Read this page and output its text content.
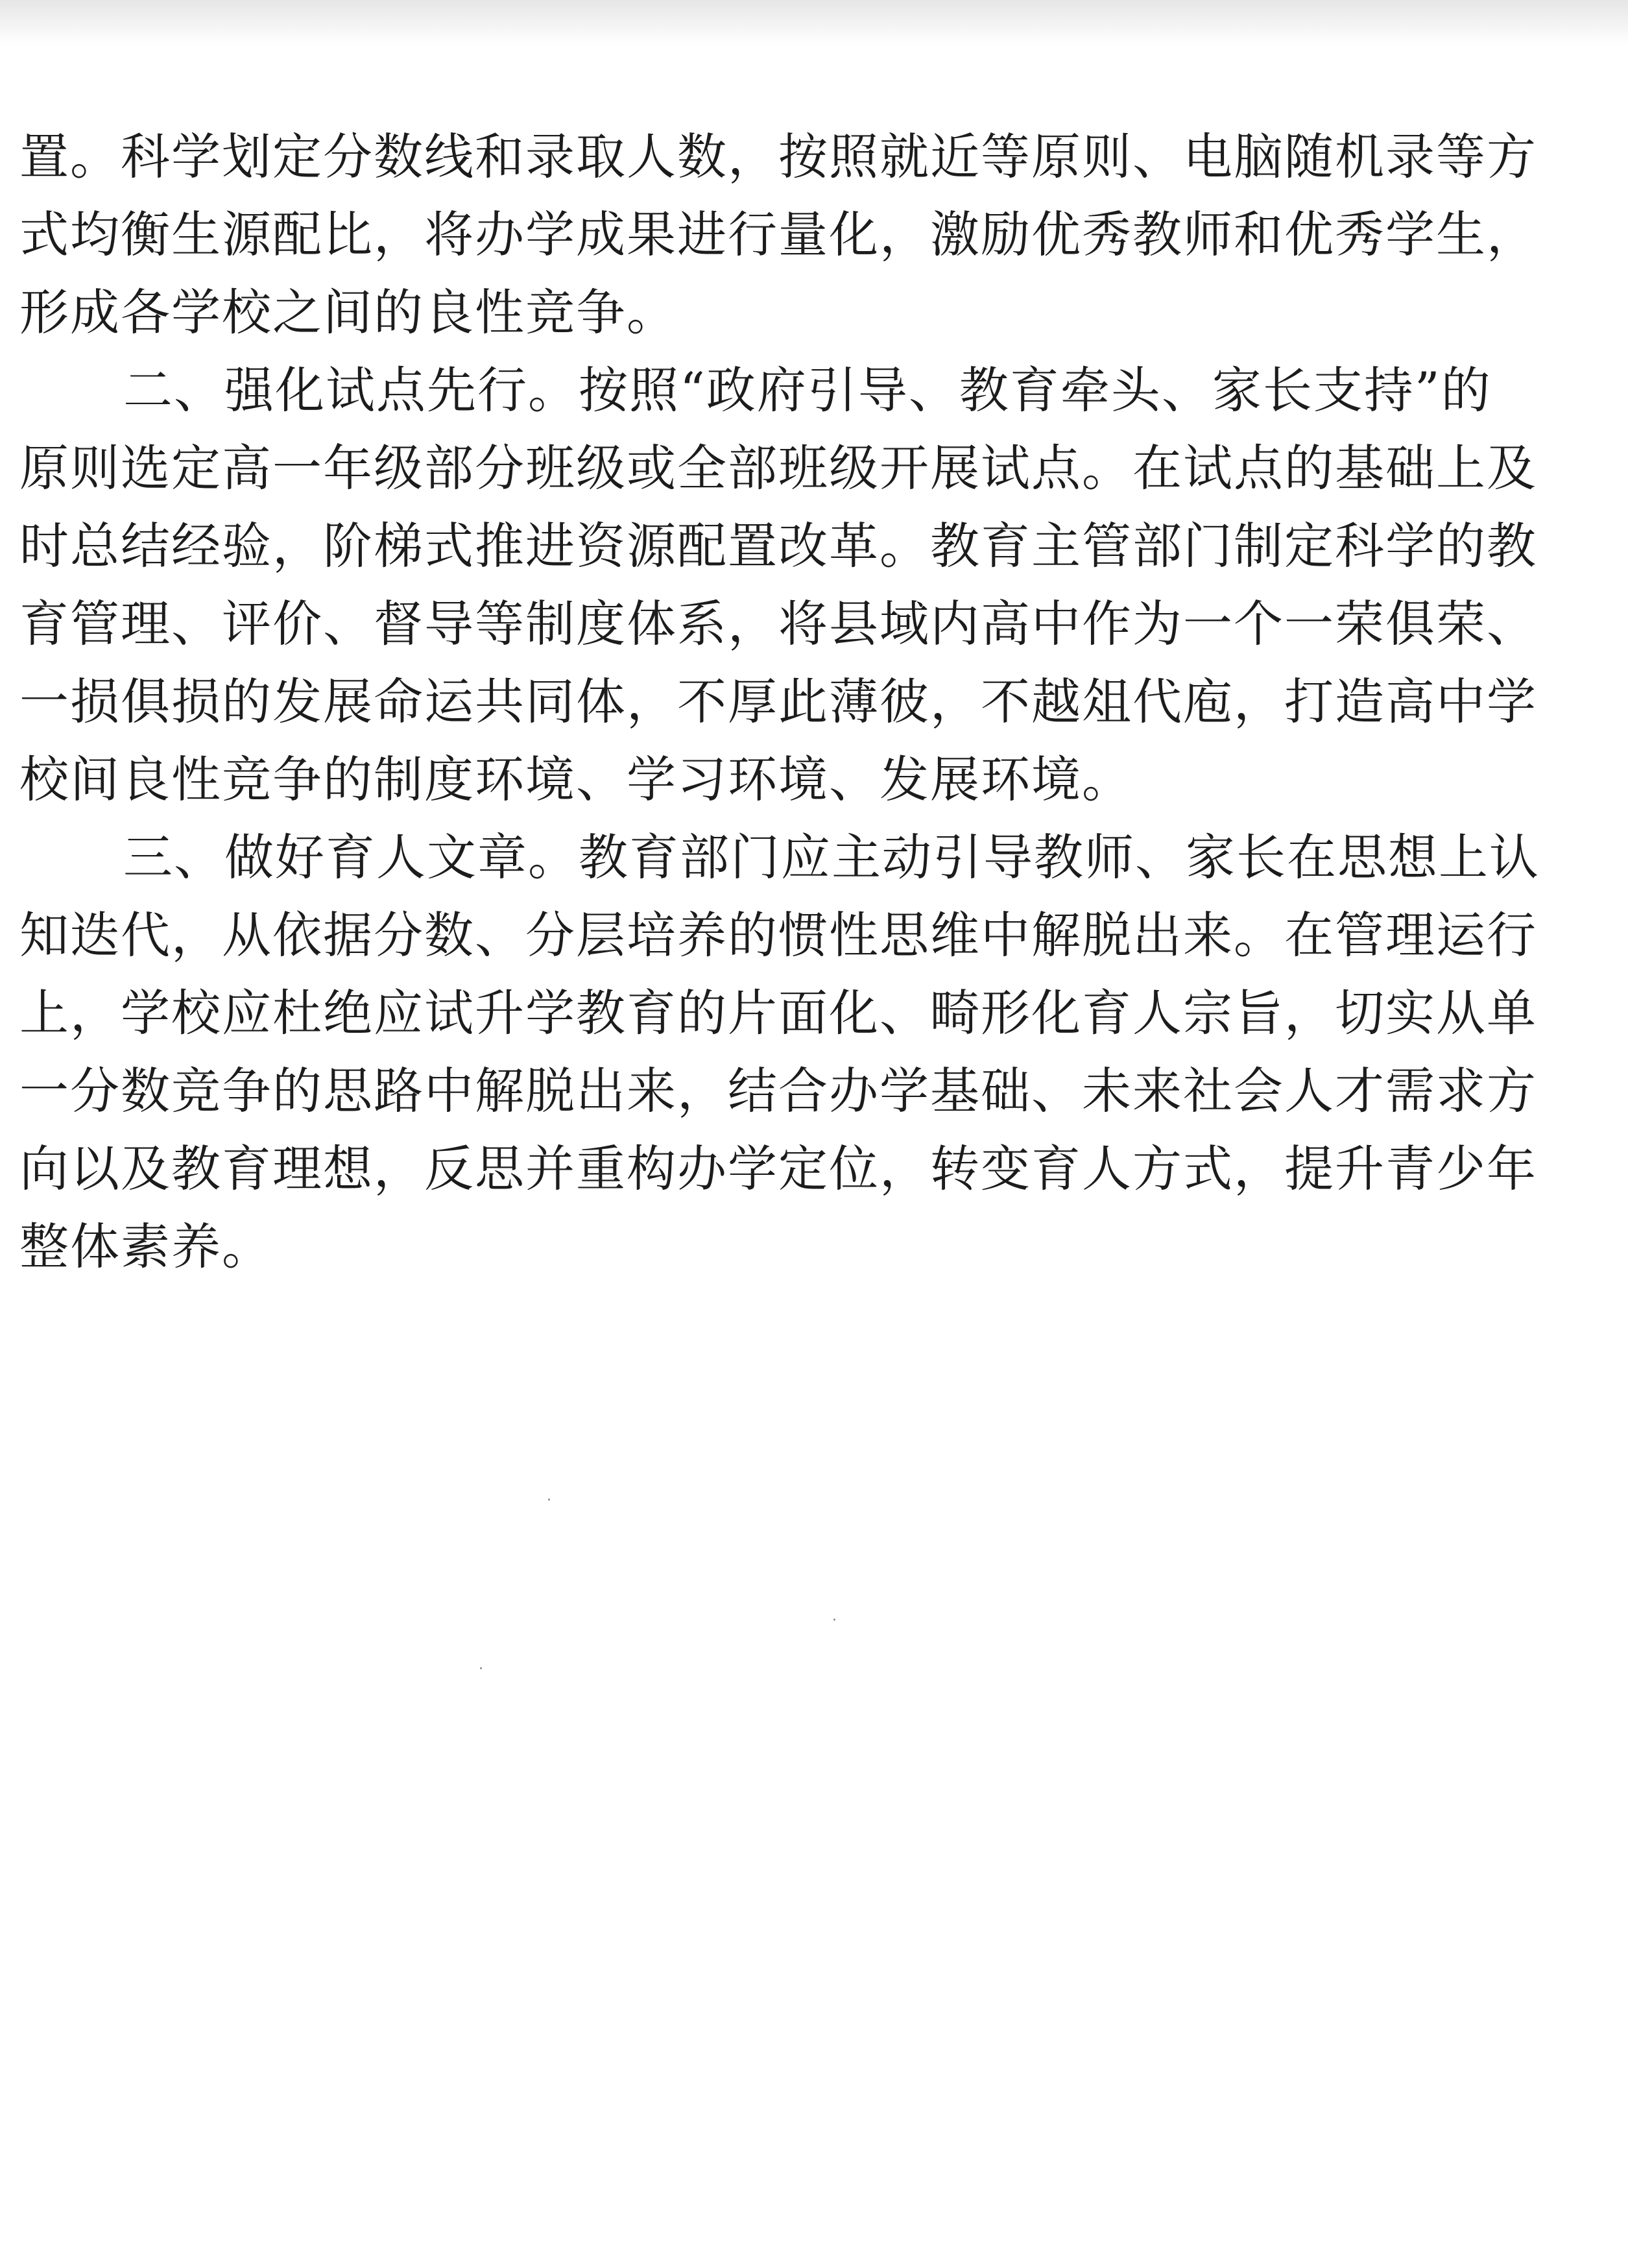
置。科学划定分数线和录取人数，按照就近等原则、电脑随机录等方
式均衡生源配比，将办学成果进行量化，激励优秀教师和优秀学生，
形成各学校之间的良性竞争。
二、强化试点先行。按照“政府引导、教育牵头、家长支持”的
原则选定高一年级部分班级或全部班级开展试点。在试点的基础上及
时总结经验，阶梯式推进资源配置改革。教育主管部门制定科学的教
育管理、评价、督导等制度体系，将县域内高中作为一个一荣俱荣、
一损俱损的发展命运共同体，不厚此薄彼，不越俎代庖，打造高中学
校间良性竞争的制度环境、学习环境、发展环境。
三、做好育人文章。教育部门应主动引导教师、家长在思想上认
知迭代，从依据分数、分层培养的惯性思维中解脱出来。在管理运行
上，学校应杜绝应试升学教育的片面化、畸形化育人宗旨，切实从单
一分数竞争的思路中解脱出来，结合办学基础、未来社会人才需求方
向以及教育理想，反思并重构办学定位，转变育人方式，提升青少年
整体素养。
